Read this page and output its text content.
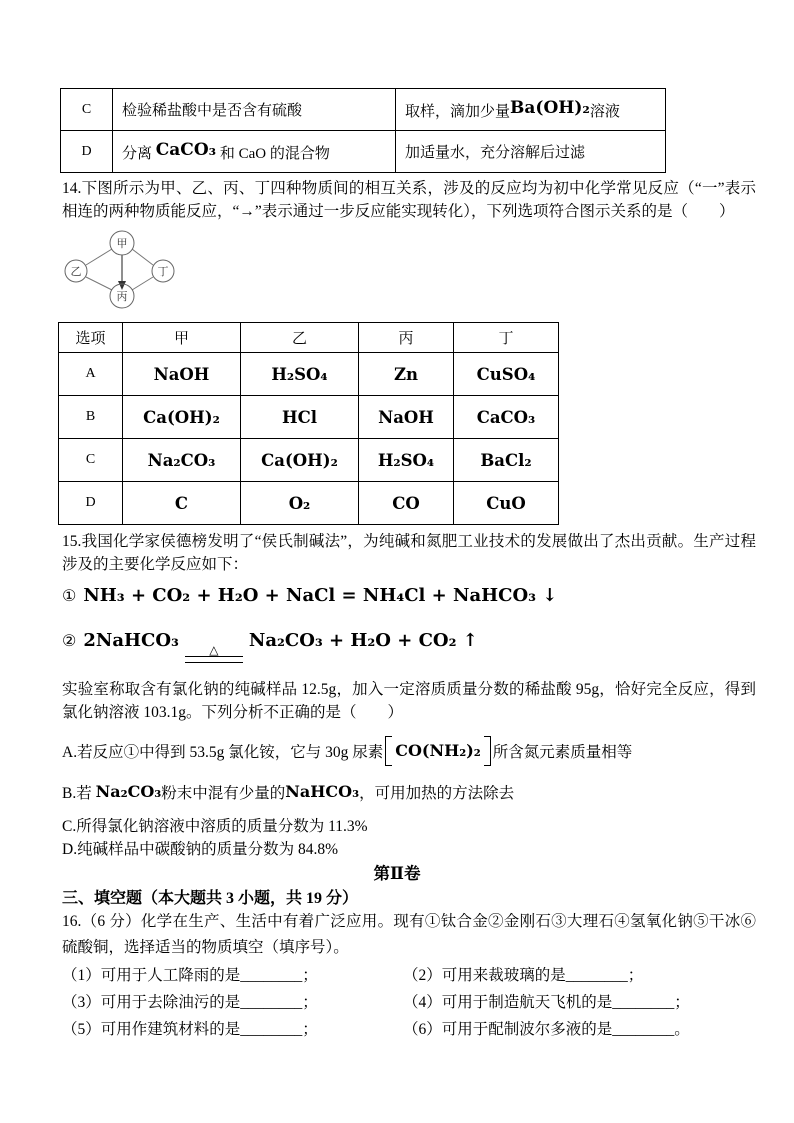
C	检验稀盐酸中是否含有硫酸	取样，滴加少量Ba(OH)₂溶液
D	分离 CaCO₃ 和 CaO 的混合物	加适量水，充分溶解后过滤
14.下图所示为甲、乙、丙、丁四种物质间的相互关系，涉及的反应均为初中化学常见反应（“一”表示相连的两种物质能反应，“→”表示通过一步反应能实现转化），下列选项符合图示关系的是（　　）
甲
乙	丁
丙
选项	甲	乙	丙	丁
A	NaOH	H₂SO₄	Zn	CuSO₄
B	Ca(OH)₂	HCl	NaOH	CaCO₃
C	Na₂CO₃	Ca(OH)₂	H₂SO₄	BaCl₂
D	C	O₂	CO	CuO
15.我国化学家侯德榜发明了“侯氏制碱法”，为纯碱和氮肥工业技术的发展做出了杰出贡献。生产过程涉及的主要化学反应如下：
① NH₃ + CO₂ + H₂O + NaCl = NH₄Cl + NaHCO₃ ↓
② 2NaHCO₃	△ Na₂CO₃ + H₂O + CO₂ ↑
实验室称取含有氯化钠的纯碱样品 12.5g，加入一定溶质质量分数的稀盐酸 95g，恰好完全反应，得到氯化钠溶液 103.1g。下列分析不正确的是（　　）
A.若反应①中得到 53.5g 氯化铵，它与 30g 尿素 CO(NH₂)₂ 所含氮元素质量相等
B.若 Na₂CO₃粉末中混有少量的NaHCO₃，可用加热的方法除去
C.所得氯化钠溶液中溶质的质量分数为 11.3%
D.纯碱样品中碳酸钠的质量分数为 84.8%
第Ⅱ卷
三、填空题（本大题共 3 小题，共 19 分）
16.（6 分）化学在生产、生活中有着广泛应用。现有①钛合金②金刚石③大理石④氢氧化钠⑤干冰⑥硫酸铜，选择适当的物质填空（填序号）。
（1）可用于人工降雨的是________；	（2）可用来裁玻璃的是________；
（3）可用于去除油污的是________；	（4）可用于制造航天飞机的是________；
（5）可用作建筑材料的是________；	（6）可用于配制波尔多液的是________。
